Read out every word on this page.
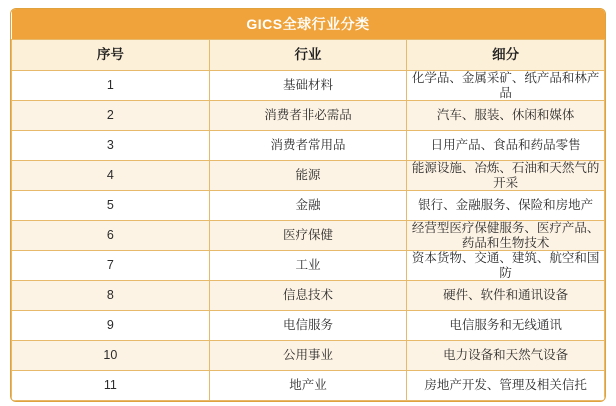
GICS全球行业分类		
序号	行业	细分
1	基础材料	化学品、金属采矿、纸产品和林产品
2	消费者非必需品	汽车、服装、休闲和媒体
3	消费者常用品	日用产品、食品和药品零售
4	能源	能源设施、冶炼、石油和天然气的开采
5	金融	银行、金融服务、保险和房地产
6	医疗保健	经营型医疗保健服务、医疗产品、药品和生物技术
7	工业	资本货物、交通、建筑、航空和国防
8	信息技术	硬件、软件和通讯设备
9	电信服务	电信服务和无线通讯
10	公用事业	电力设备和天然气设备
11	地产业	房地产开发、管理及相关信托
